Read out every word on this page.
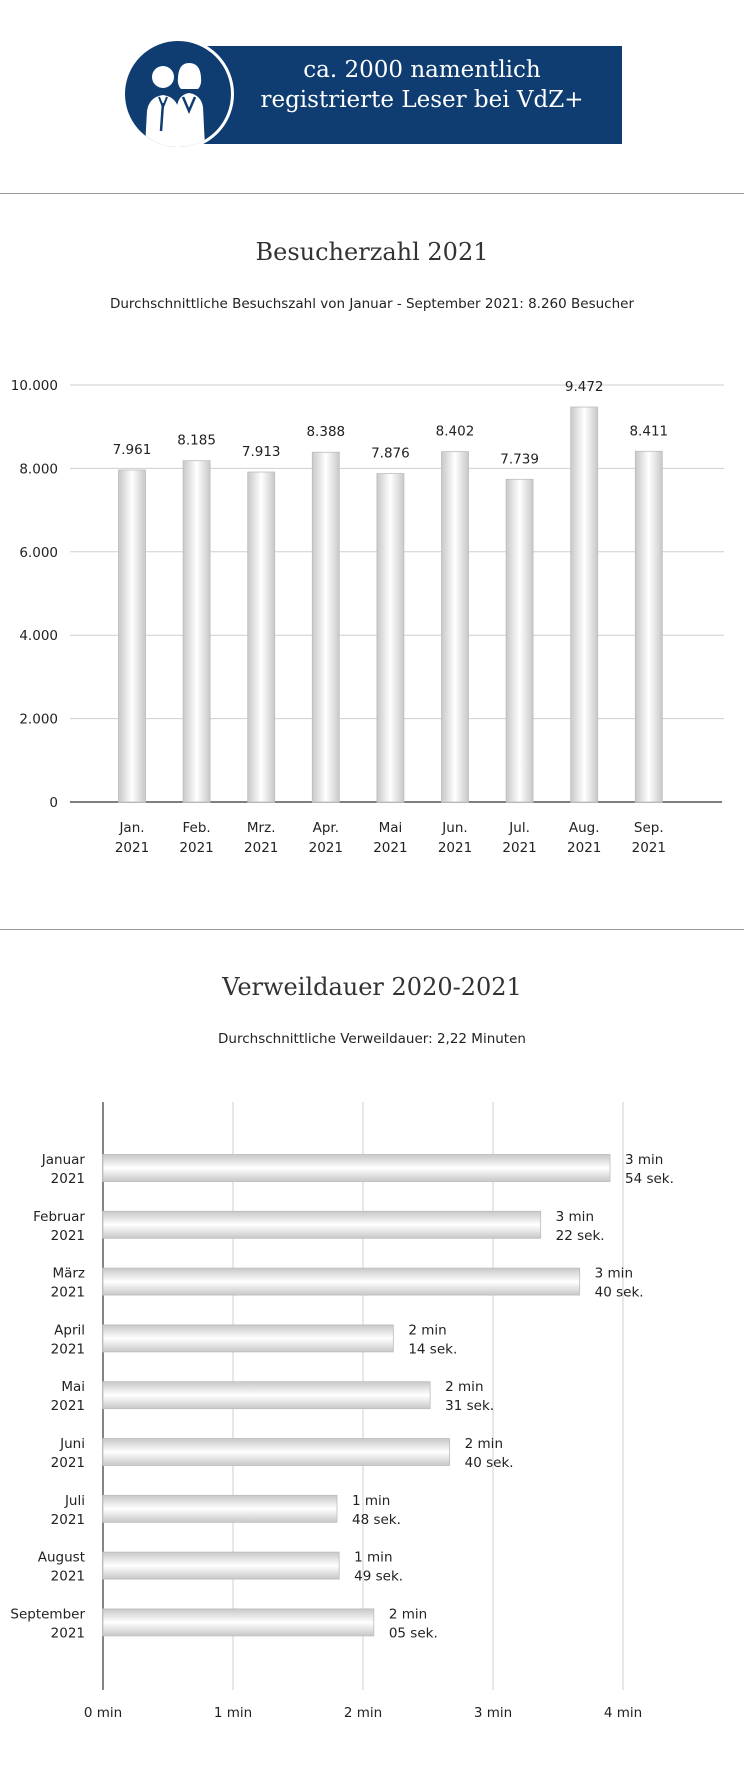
ca. 2000 namentlich
registrierte Leser bei VdZ+
Besucherzahl 2021
Durchschnittliche Besuchszahl von Januar - September 2021: 8.260 Besucher
0
2.000
4.000
6.000
8.000
10.000
7.961
Jan.
2021
8.185
Feb.
2021
7.913
Mrz.
2021
8.388
Apr.
2021
7.876
Mai
2021
8.402
Jun.
2021
7.739
Jul.
2021
9.472
Aug.
2021
8.411
Sep.
2021
Verweildauer 2020-2021
Durchschnittliche Verweildauer: 2,22 Minuten
0 min	1 min	2 min	3 min	4 min
Januar
2021
3 min
54 sek.
Februar
2021
3 min
22 sek.
März
2021
3 min
40 sek.
April
2021
2 min
14 sek.
Mai
2021
2 min
31 sek.
Juni
2021
2 min
40 sek.
Juli
2021
1 min
48 sek.
August
2021
1 min
49 sek.
September
2021
2 min
05 sek.
